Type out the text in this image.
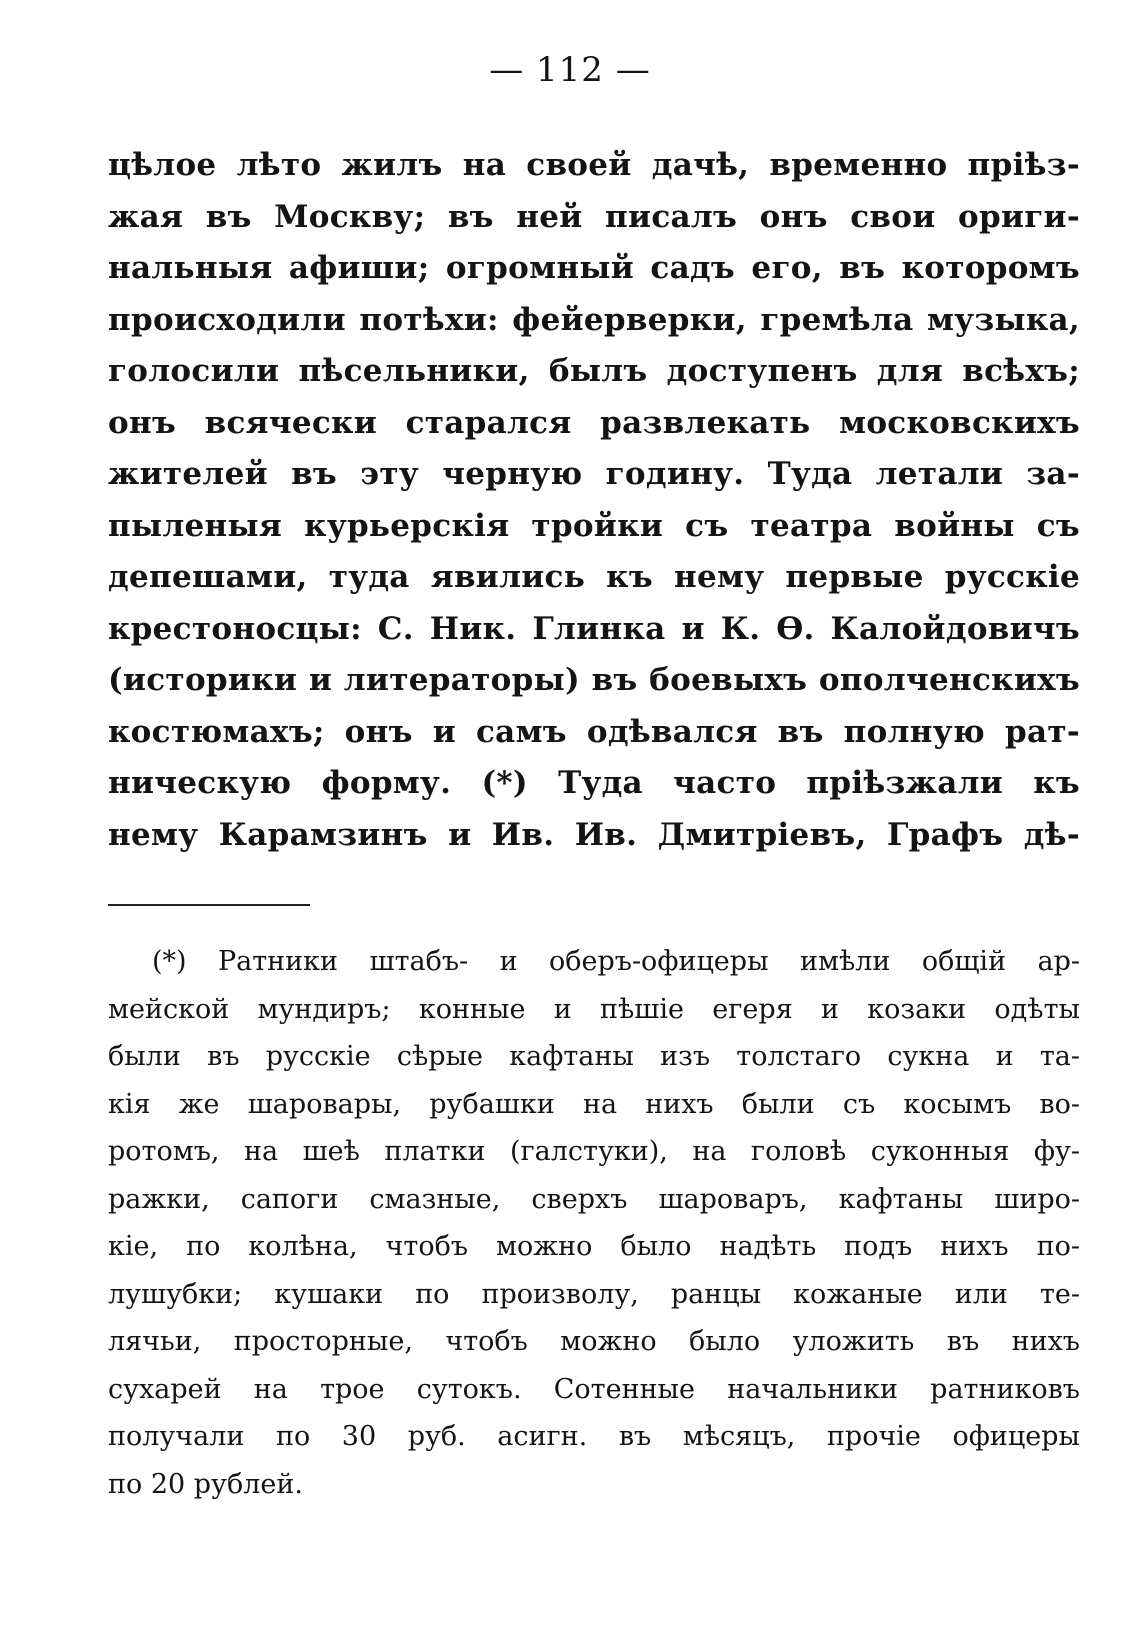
— 112 —
цѣлое лѣто жилъ на своей дачѣ, временно пріѣз-
жая въ Москву; въ ней писалъ онъ свои ориги-
нальныя афиши; огромный садъ его, въ которомъ
происходили потѣхи: фейерверки, гремѣла музыка,
голосили пѣсельники, былъ доступенъ для всѣхъ;
онъ всячески старался развлекать московскихъ
жителей въ эту черную годину. Туда летали за-
пыленыя курьерскія тройки съ театра войны съ
депешами, туда явились къ нему первые русскіе
крестоносцы: С. Ник. Глинка и К. Ѳ. Калойдовичъ
(историки и литераторы) въ боевыхъ ополченскихъ
костюмахъ; онъ и самъ одѣвался въ полную рат-
ническую форму. (*) Туда часто пріѣзжали къ
нему Карамзинъ и Ив. Ив. Дмитріевъ, Графъ дѣ-
(*) Ратники штабъ- и оберъ-офицеры имѣли общій ар-
мейской мундиръ; конные и пѣшіе егеря и козаки одѣты
были въ русскіе сѣрые кафтаны изъ толстаго сукна и та-
кія же шаровары, рубашки на нихъ были съ косымъ во-
ротомъ, на шеѣ платки (галстуки), на головѣ суконныя фу-
ражки, сапоги смазные, сверхъ шароваръ, кафтаны широ-
кіе, по колѣна, чтобъ можно было надѣть подъ нихъ по-
лушубки; кушаки по произволу, ранцы кожаные или те-
лячьи, просторные, чтобъ можно было уложить въ нихъ
сухарей на трое сутокъ. Сотенные начальники ратниковъ
получали по 30 руб. асигн. въ мѣсяцъ, прочіе офицеры
по 20 рублей.
